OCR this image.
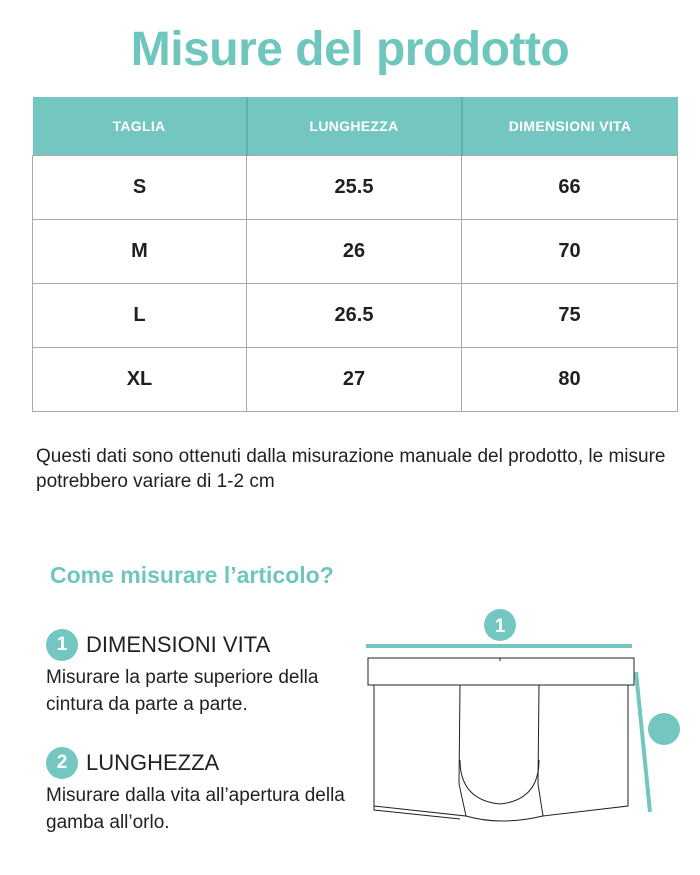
Misure del prodotto
TAGLIA	LUNGHEZZA	DIMENSIONI VITA
S	25.5	66
M	26	70
L	26.5	75
XL	27	80
Questi dati sono ottenuti dalla misurazione manuale del prodotto, le misure potrebbero variare di 1-2 cm
Come misurare l’articolo?
1 DIMENSIONI VITA
Misurare la parte superiore della cintura da parte a parte.
2 LUNGHEZZA
Misurare dalla vita all’apertura della gamba all’orlo.
1
